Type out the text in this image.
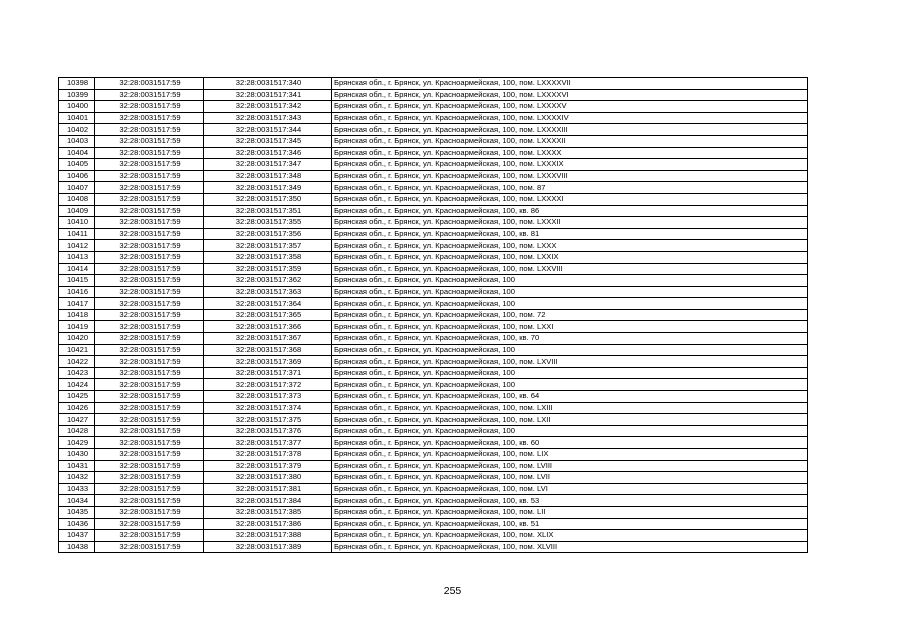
10398	32:28:0031517:59	32:28:0031517:340	Брянская обл., г. Брянск, ул. Красноармейская, 100, пом. LXXXXVII
10399	32:28:0031517:59	32:28:0031517:341	Брянская обл., г. Брянск, ул. Красноармейская, 100, пом. LXXXXVI
10400	32:28:0031517:59	32:28:0031517:342	Брянская обл., г. Брянск, ул. Красноармейская, 100, пом. LXXXXV
10401	32:28:0031517:59	32:28:0031517:343	Брянская обл., г. Брянск, ул. Красноармейская, 100, пом. LXXXXIV
10402	32:28:0031517:59	32:28:0031517:344	Брянская обл., г. Брянск, ул. Красноармейская, 100, пом. LXXXXIII
10403	32:28:0031517:59	32:28:0031517:345	Брянская обл., г. Брянск, ул. Красноармейская, 100, пом. LXXXXII
10404	32:28:0031517:59	32:28:0031517:346	Брянская обл., г. Брянск, ул. Красноармейская, 100, пом. LXXXX
10405	32:28:0031517:59	32:28:0031517:347	Брянская обл., г. Брянск, ул. Красноармейская, 100, пом. LXXXIX
10406	32:28:0031517:59	32:28:0031517:348	Брянская обл., г. Брянск, ул. Красноармейская, 100, пом. LXXXVIII
10407	32:28:0031517:59	32:28:0031517:349	Брянская обл., г. Брянск, ул. Красноармейская, 100, пом. 87
10408	32:28:0031517:59	32:28:0031517:350	Брянская обл., г. Брянск, ул. Красноармейская, 100, пом. LXXXXI
10409	32:28:0031517:59	32:28:0031517:351	Брянская обл., г. Брянск, ул. Красноармейская, 100, кв. 86
10410	32:28:0031517:59	32:28:0031517:355	Брянская обл., г. Брянск, ул. Красноармейская, 100, пом. LXXXII
10411	32:28:0031517:59	32:28:0031517:356	Брянская обл., г. Брянск, ул. Красноармейская, 100, кв. 81
10412	32:28:0031517:59	32:28:0031517:357	Брянская обл., г. Брянск, ул. Красноармейская, 100, пом. LXXX
10413	32:28:0031517:59	32:28:0031517:358	Брянская обл., г. Брянск, ул. Красноармейская, 100, пом. LXXIX
10414	32:28:0031517:59	32:28:0031517:359	Брянская обл., г. Брянск, ул. Красноармейская, 100, пом. LXXVIII
10415	32:28:0031517:59	32:28:0031517:362	Брянская обл., г. Брянск, ул. Красноармейская, 100
10416	32:28:0031517:59	32:28:0031517:363	Брянская обл., г. Брянск, ул. Красноармейская, 100
10417	32:28:0031517:59	32:28:0031517:364	Брянская обл., г. Брянск, ул. Красноармейская, 100
10418	32:28:0031517:59	32:28:0031517:365	Брянская обл., г. Брянск, ул. Красноармейская, 100, пом. 72
10419	32:28:0031517:59	32:28:0031517:366	Брянская обл., г. Брянск, ул. Красноармейская, 100, пом. LXXI
10420	32:28:0031517:59	32:28:0031517:367	Брянская обл., г. Брянск, ул. Красноармейская, 100, кв. 70
10421	32:28:0031517:59	32:28:0031517:368	Брянская обл., г. Брянск, ул. Красноармейская, 100
10422	32:28:0031517:59	32:28:0031517:369	Брянская обл., г. Брянск, ул. Красноармейская, 100, пом. LXVIII
10423	32:28:0031517:59	32:28:0031517:371	Брянская обл., г. Брянск, ул. Красноармейская, 100
10424	32:28:0031517:59	32:28:0031517:372	Брянская обл., г. Брянск, ул. Красноармейская, 100
10425	32:28:0031517:59	32:28:0031517:373	Брянская обл., г. Брянск, ул. Красноармейская, 100, кв. 64
10426	32:28:0031517:59	32:28:0031517:374	Брянская обл., г. Брянск, ул. Красноармейская, 100, пом. LXIII
10427	32:28:0031517:59	32:28:0031517:375	Брянская обл., г. Брянск, ул. Красноармейская, 100, пом. LXII
10428	32:28:0031517:59	32:28:0031517:376	Брянская обл., г. Брянск, ул. Красноармейская, 100
10429	32:28:0031517:59	32:28:0031517:377	Брянская обл., г. Брянск, ул. Красноармейская, 100, кв. 60
10430	32:28:0031517:59	32:28:0031517:378	Брянская обл., г. Брянск, ул. Красноармейская, 100, пом. LIX
10431	32:28:0031517:59	32:28:0031517:379	Брянская обл., г. Брянск, ул. Красноармейская, 100, пом. LVIII
10432	32:28:0031517:59	32:28:0031517:380	Брянская обл., г. Брянск, ул. Красноармейская, 100, пом. LVII
10433	32:28:0031517:59	32:28:0031517:381	Брянская обл., г. Брянск, ул. Красноармейская, 100, пом. LVI
10434	32:28:0031517:59	32:28:0031517:384	Брянская обл., г. Брянск, ул. Красноармейская, 100, кв. 53
10435	32:28:0031517:59	32:28:0031517:385	Брянская обл., г. Брянск, ул. Красноармейская, 100, пом. LII
10436	32:28:0031517:59	32:28:0031517:386	Брянская обл., г. Брянск, ул. Красноармейская, 100, кв. 51
10437	32:28:0031517:59	32:28:0031517:388	Брянская обл., г. Брянск, ул. Красноармейская, 100, пом. XLIX
10438	32:28:0031517:59	32:28:0031517:389	Брянская обл., г. Брянск, ул. Красноармейская, 100, пом. XLVIII
255
